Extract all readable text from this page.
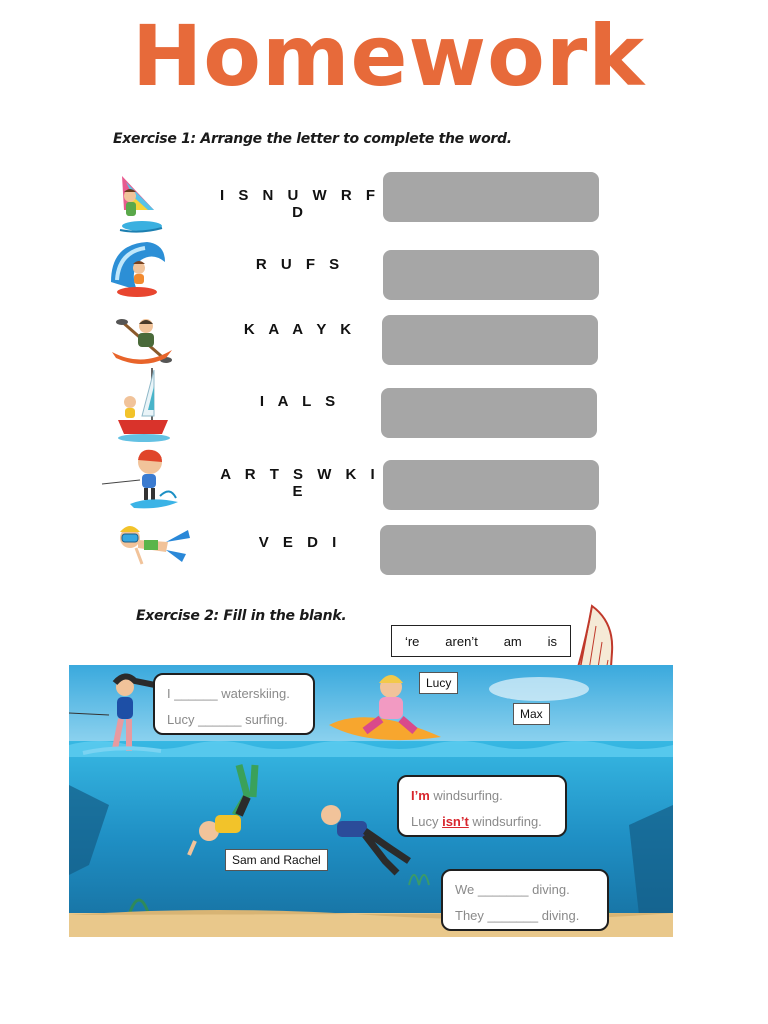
Homework
Exercise 1: Arrange the letter to complete the word.
I S N U W R F D
R U F S
K A A Y K
I A L S
A R T S W K I E
V E D I
Exercise 2: Fill in the blank.
‘re aren’t am is
I ______ waterskiing.
Lucy ______ surfing.
Lucy
Max
Sam and Rachel
I’m windsurfing.
Lucy isn’t windsurfing.
We _______ diving.
They _______ diving.
